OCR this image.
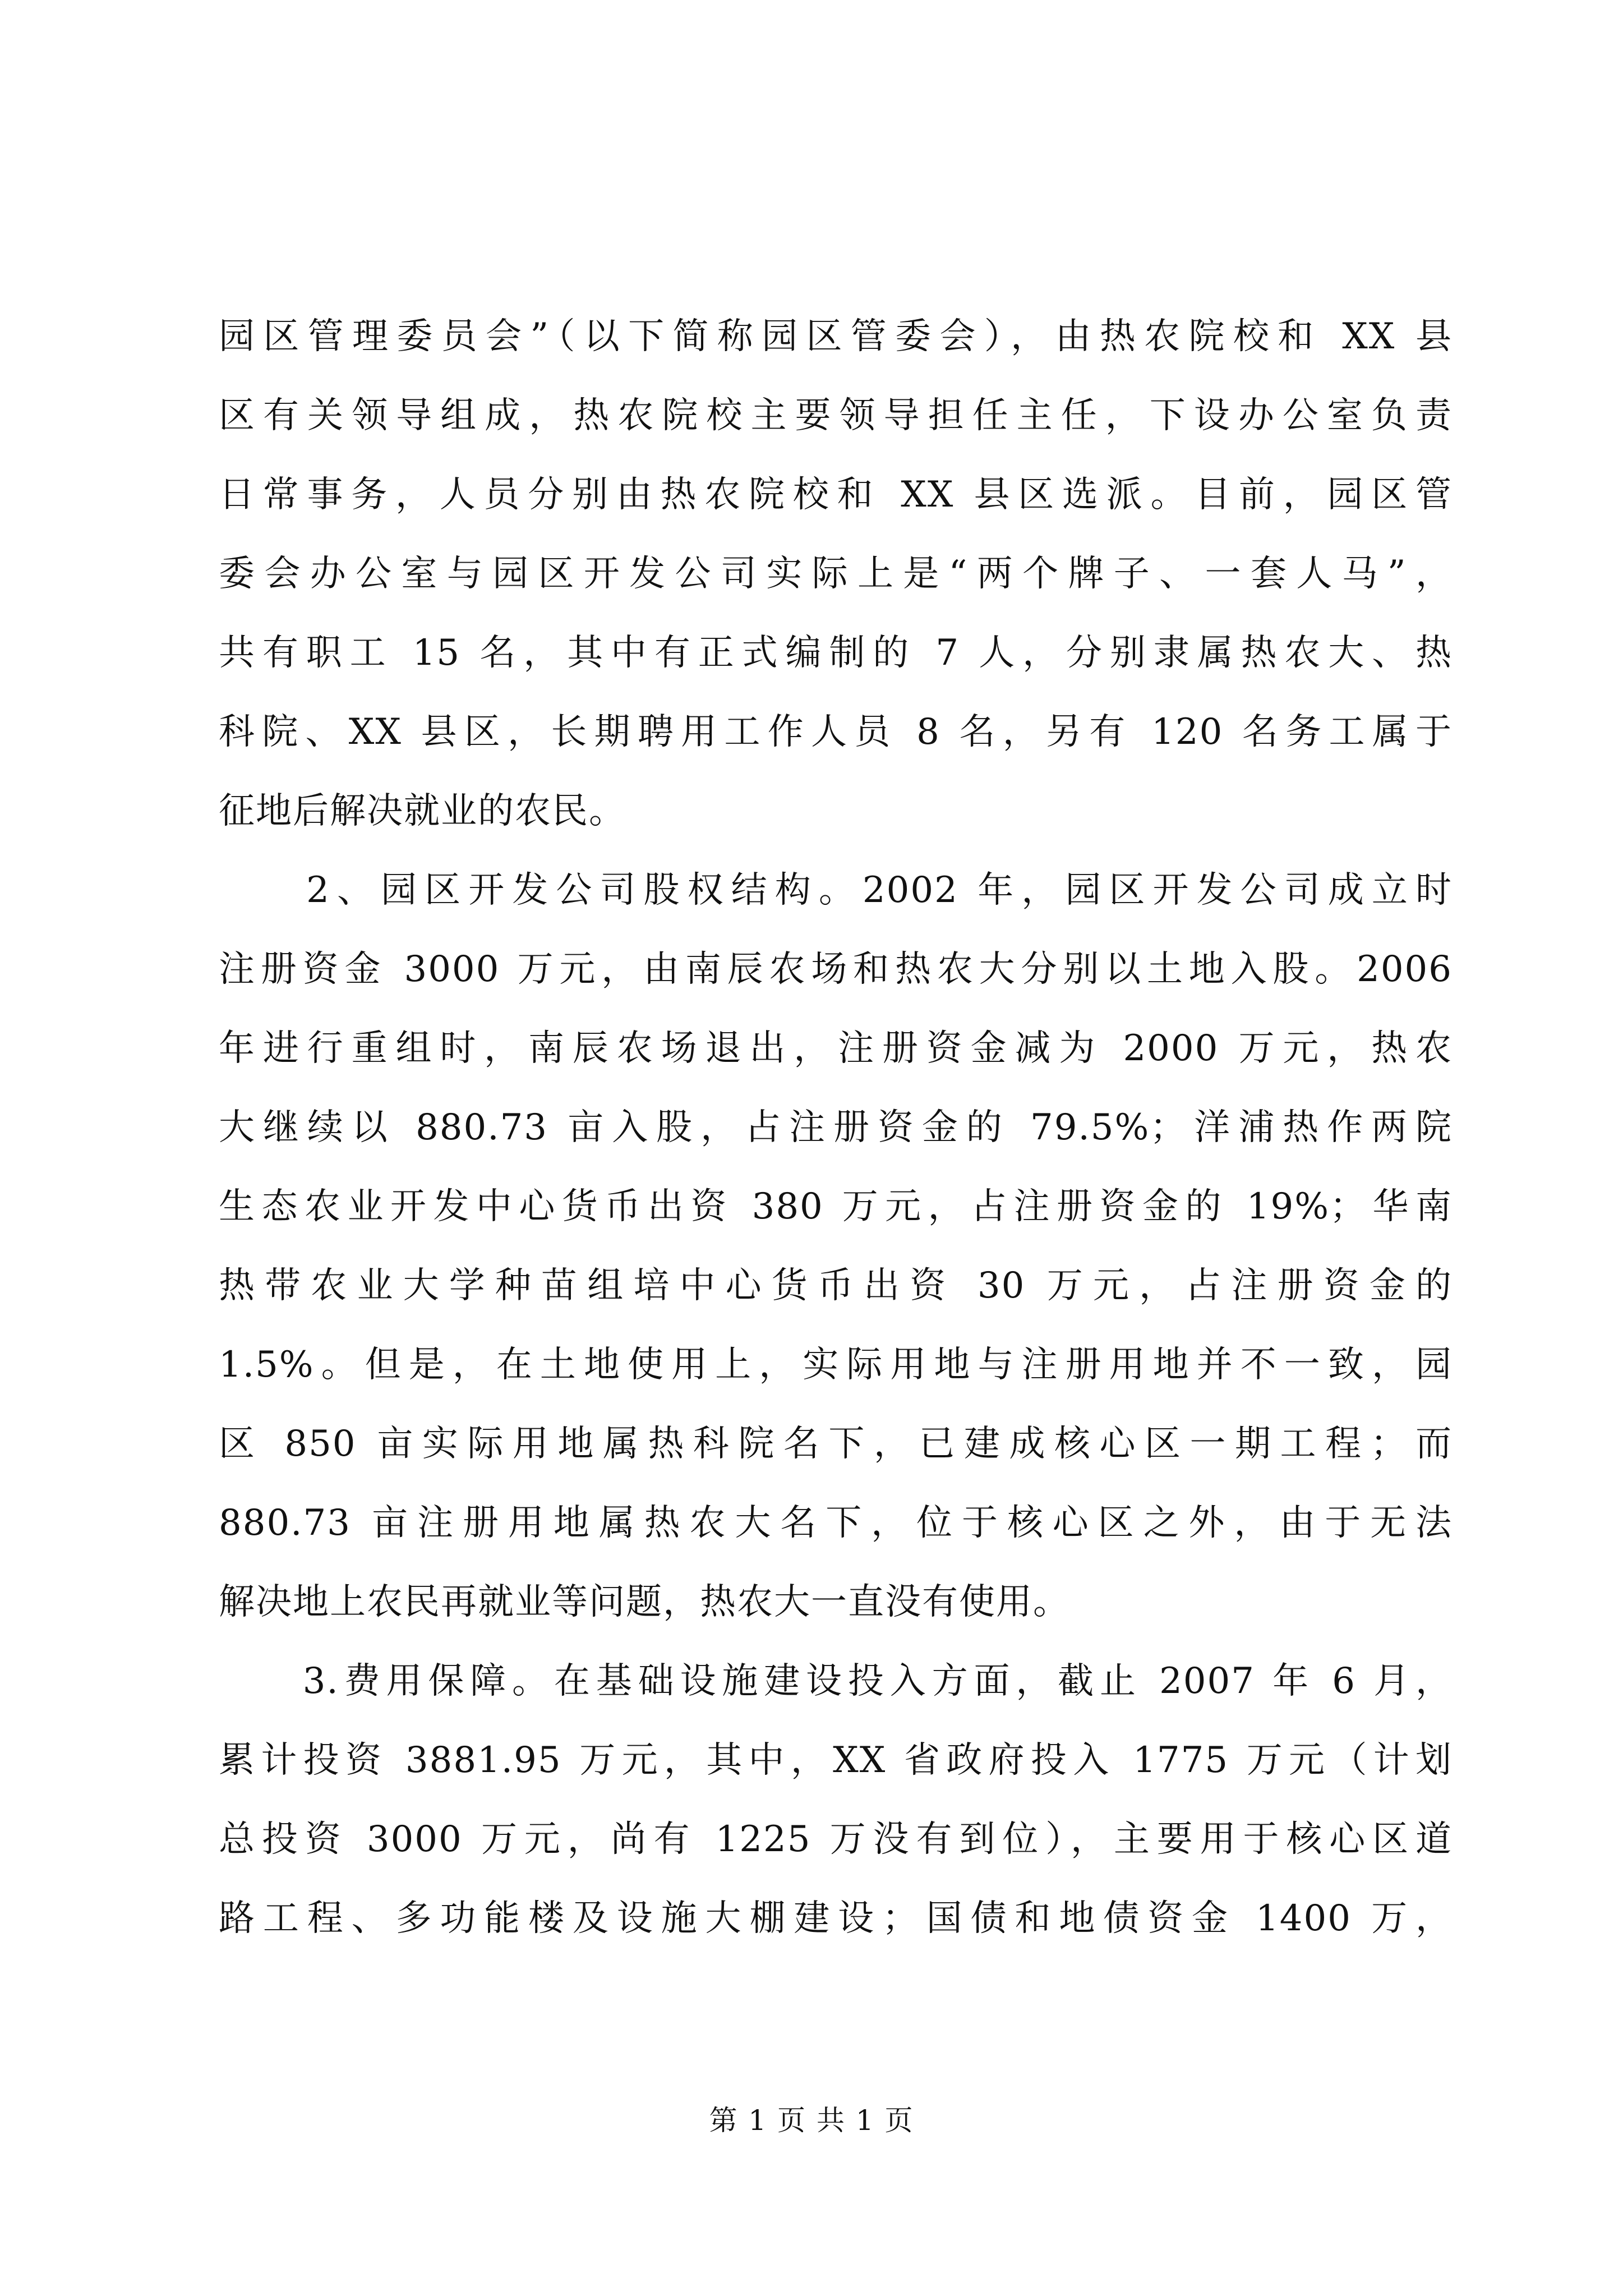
园区管理委员会”（以下简称园区管委会），由热农院校和 XX 县
区有关领导组成，热农院校主要领导担任主任，下设办公室负责
日常事务，人员分别由热农院校和 XX 县区选派。目前，园区管
委会办公室与园区开发公司实际上是“两个牌子、一套人马”，
共有职工 15 名，其中有正式编制的 7 人，分别隶属热农大、热
科院、XX 县区，长期聘用工作人员 8 名，另有 120 名务工属于
征地后解决就业的农民。

　　2、园区开发公司股权结构。2002 年，园区开发公司成立时
注册资金 3000 万元，由南辰农场和热农大分别以土地入股。2006
年进行重组时，南辰农场退出，注册资金减为 2000 万元，热农
大继续以 880.73 亩入股，占注册资金的 79.5%；洋浦热作两院
生态农业开发中心货币出资 380 万元，占注册资金的 19%；华南
热带农业大学种苗组培中心货币出资 30 万元，占注册资金的
1.5%。但是，在土地使用上，实际用地与注册用地并不一致，园
区 850 亩实际用地属热科院名下，已建成核心区一期工程；而
880.73 亩注册用地属热农大名下，位于核心区之外，由于无法
解决地上农民再就业等问题，热农大一直没有使用。

　　3.费用保障。在基础设施建设投入方面，截止 2007 年 6 月，
累计投资 3881.95 万元，其中，XX 省政府投入 1775 万元（计划
总投资 3000 万元，尚有 1225 万没有到位），主要用于核心区道
路工程、多功能楼及设施大棚建设；国债和地债资金 1400 万，

第 1 页 共 1 页
